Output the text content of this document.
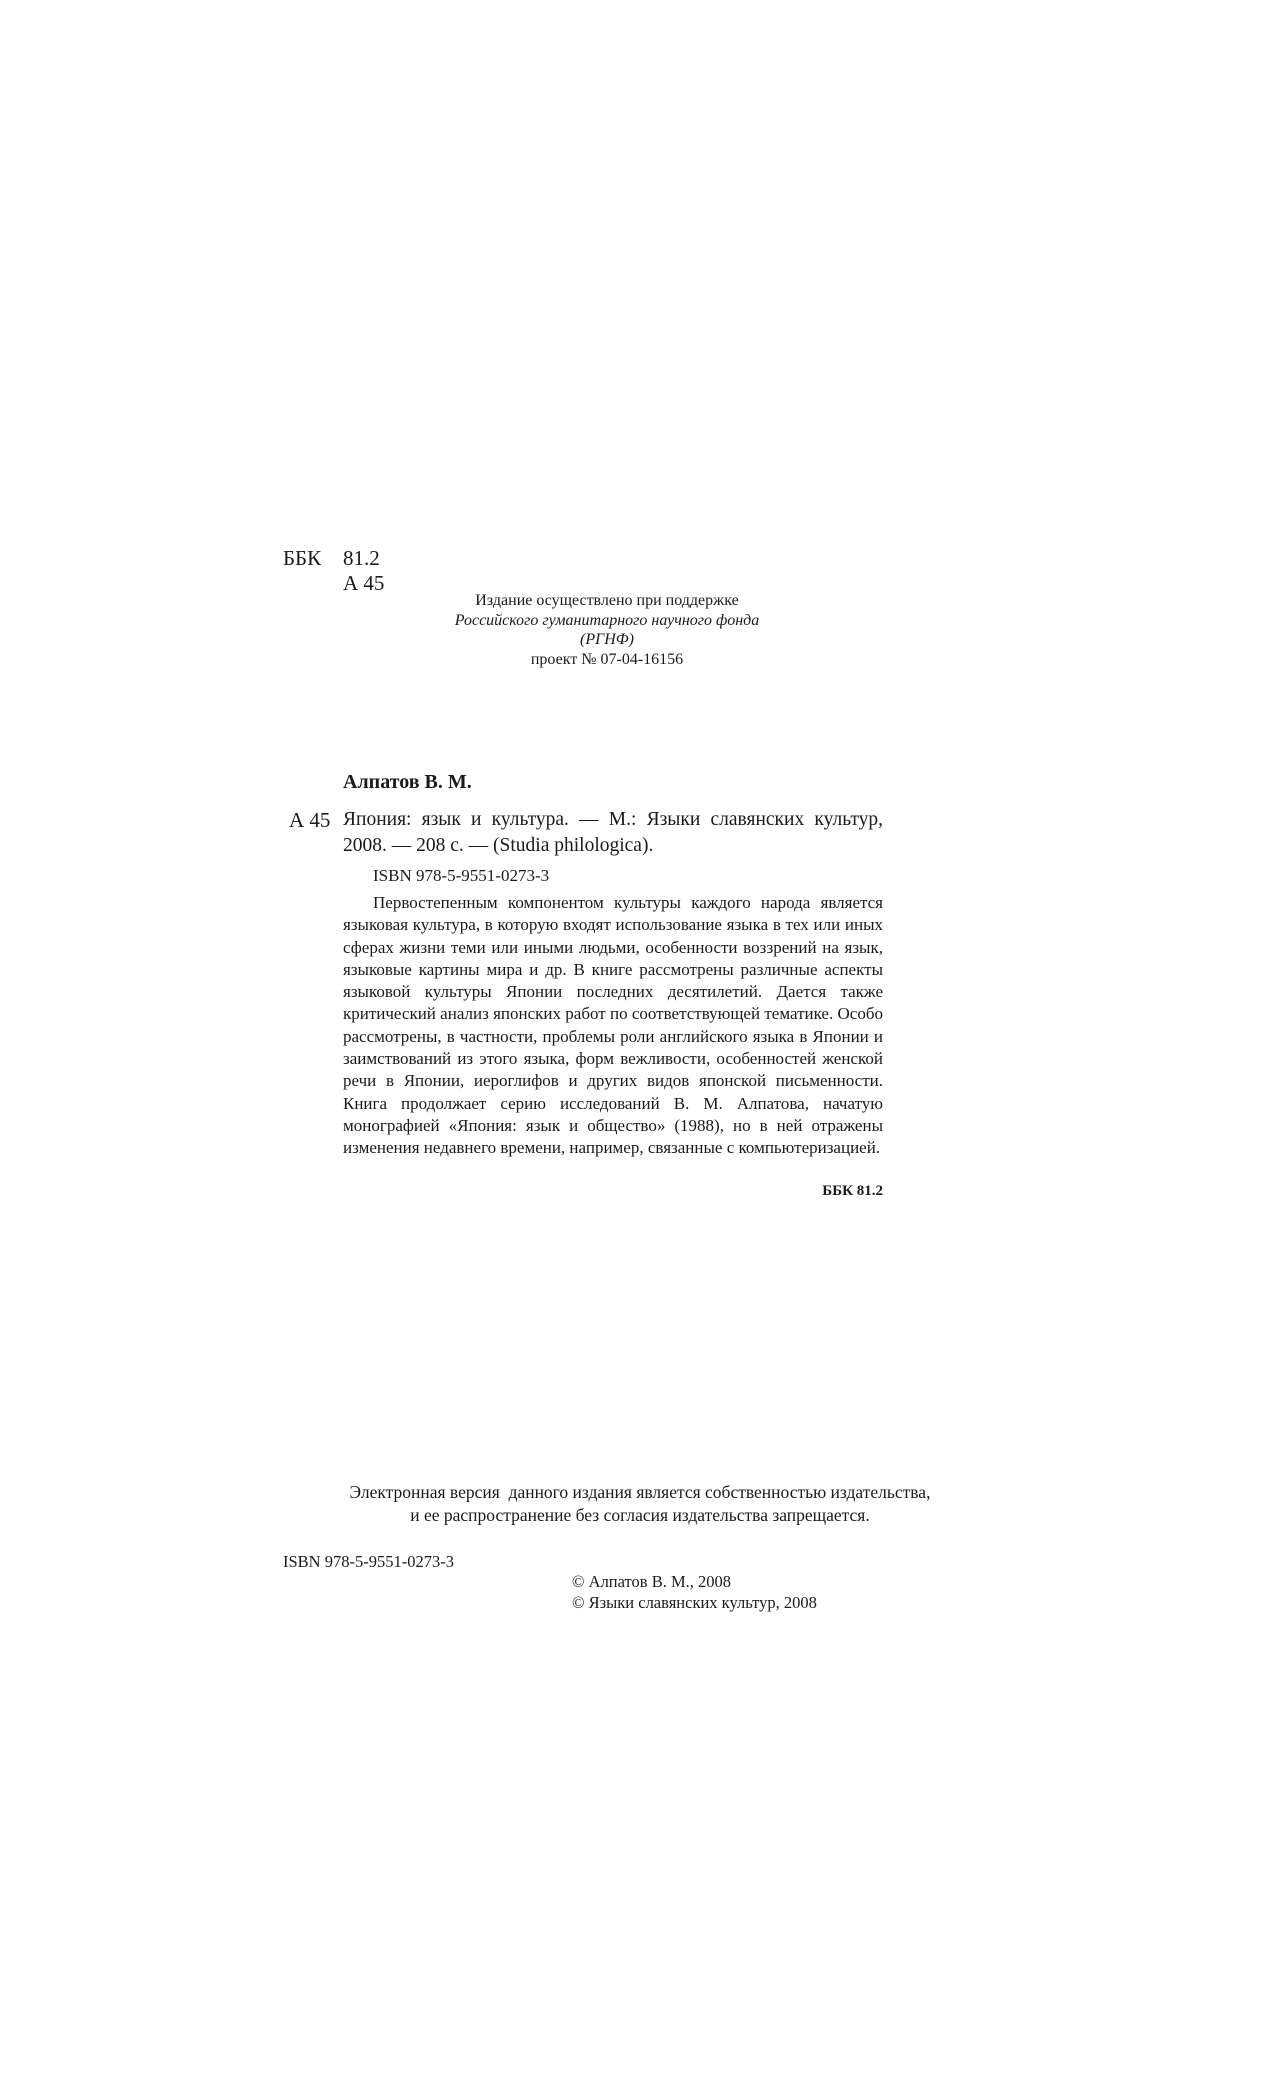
ББК 81.2
А 45
Издание осуществлено при поддержке
Российского гуманитарного научного фонда
(РГНФ)
проект № 07-04-16156
Алпатов В. М.
А 45 Япония: язык и культура. — М.: Языки славянских культур, 2008. — 208 с. — (Studia philologica).
ISBN 978-5-9551-0273-3
Первостепенным компонентом культуры каждого народа является языковая культура, в которую входят использование языка в тех или иных сферах жизни теми или иными людьми, особенности воззрений на язык, языковые картины мира и др. В книге рассмотрены различные аспекты языковой культуры Японии последних десятилетий. Дается также критический анализ японских работ по соответствующей тематике. Особо рассмотрены, в частности, проблемы роли английского языка в Японии и заимствований из этого языка, форм вежливости, особенностей женской речи в Японии, иероглифов и других видов японской письменности. Книга продолжает серию исследований В. М. Алпатова, начатую монографией «Япония: язык и общество» (1988), но в ней отражены изменения недавнего времени, например, связанные с компьютеризацией.
ББК 81.2
Электронная версия  данного издания является собственностью издательства,
и ее распространение без согласия издательства запрещается.
ISBN 978-5-9551-0273-3
© Алпатов В. М., 2008
© Языки славянских культур, 2008
